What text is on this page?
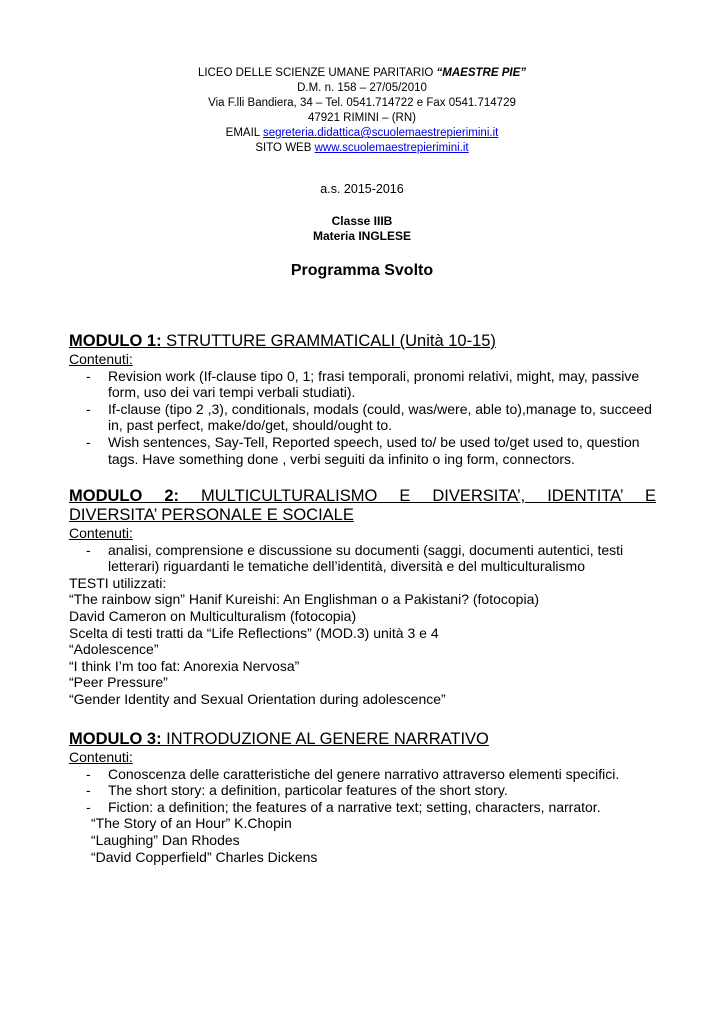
LICEO DELLE SCIENZE UMANE PARITARIO “MAESTRE PIE”
D.M. n. 158 – 27/05/2010
Via F.lli Bandiera, 34 – Tel. 0541.714722 e Fax 0541.714729
47921 RIMINI – (RN)
EMAIL segreteria.didattica@scuolemaestrepierimini.it
SITO WEB www.scuolemaestrepierimini.it
a.s. 2015-2016
Classe IIIB
Materia INGLESE
Programma Svolto
MODULO 1: STRUTTURE GRAMMATICALI (Unità 10-15)
Contenuti:
- Revision work (If-clause tipo 0, 1; frasi temporali, pronomi relativi, might, may, passive form, uso dei vari tempi verbali studiati).
- If-clause (tipo 2 ,3), conditionals, modals (could, was/were, able to),manage to, succeed in, past perfect, make/do/get, should/ought to.
- Wish sentences, Say-Tell, Reported speech, used to/ be used to/get used to, question tags. Have something done , verbi seguiti da infinito o ing form, connectors.
MODULO 2: MULTICULTURALISMO E DIVERSITA’, IDENTITA’ E
DIVERSITA’ PERSONALE E SOCIALE
Contenuti:
- analisi, comprensione e discussione su documenti (saggi, documenti autentici, testi letterari) riguardanti le tematiche dell’identità, diversità e del multiculturalismo
TESTI utilizzati:
“The rainbow sign” Hanif Kureishi: An Englishman o a Pakistani? (fotocopia)
David Cameron on Multiculturalism (fotocopia)
Scelta di testi tratti da “Life Reflections” (MOD.3) unità 3 e 4
“Adolescence”
“I think I’m too fat: Anorexia Nervosa”
“Peer Pressure”
“Gender Identity and Sexual Orientation during adolescence”
MODULO 3: INTRODUZIONE AL GENERE NARRATIVO
Contenuti:
- Conoscenza delle caratteristiche del genere narrativo attraverso elementi specifici.
- The short story: a definition, particolar features of the short story.
- Fiction: a definition; the features of a narrative text; setting, characters, narrator.
“The Story of an Hour” K.Chopin
“Laughing” Dan Rhodes
“David Copperfield” Charles Dickens
